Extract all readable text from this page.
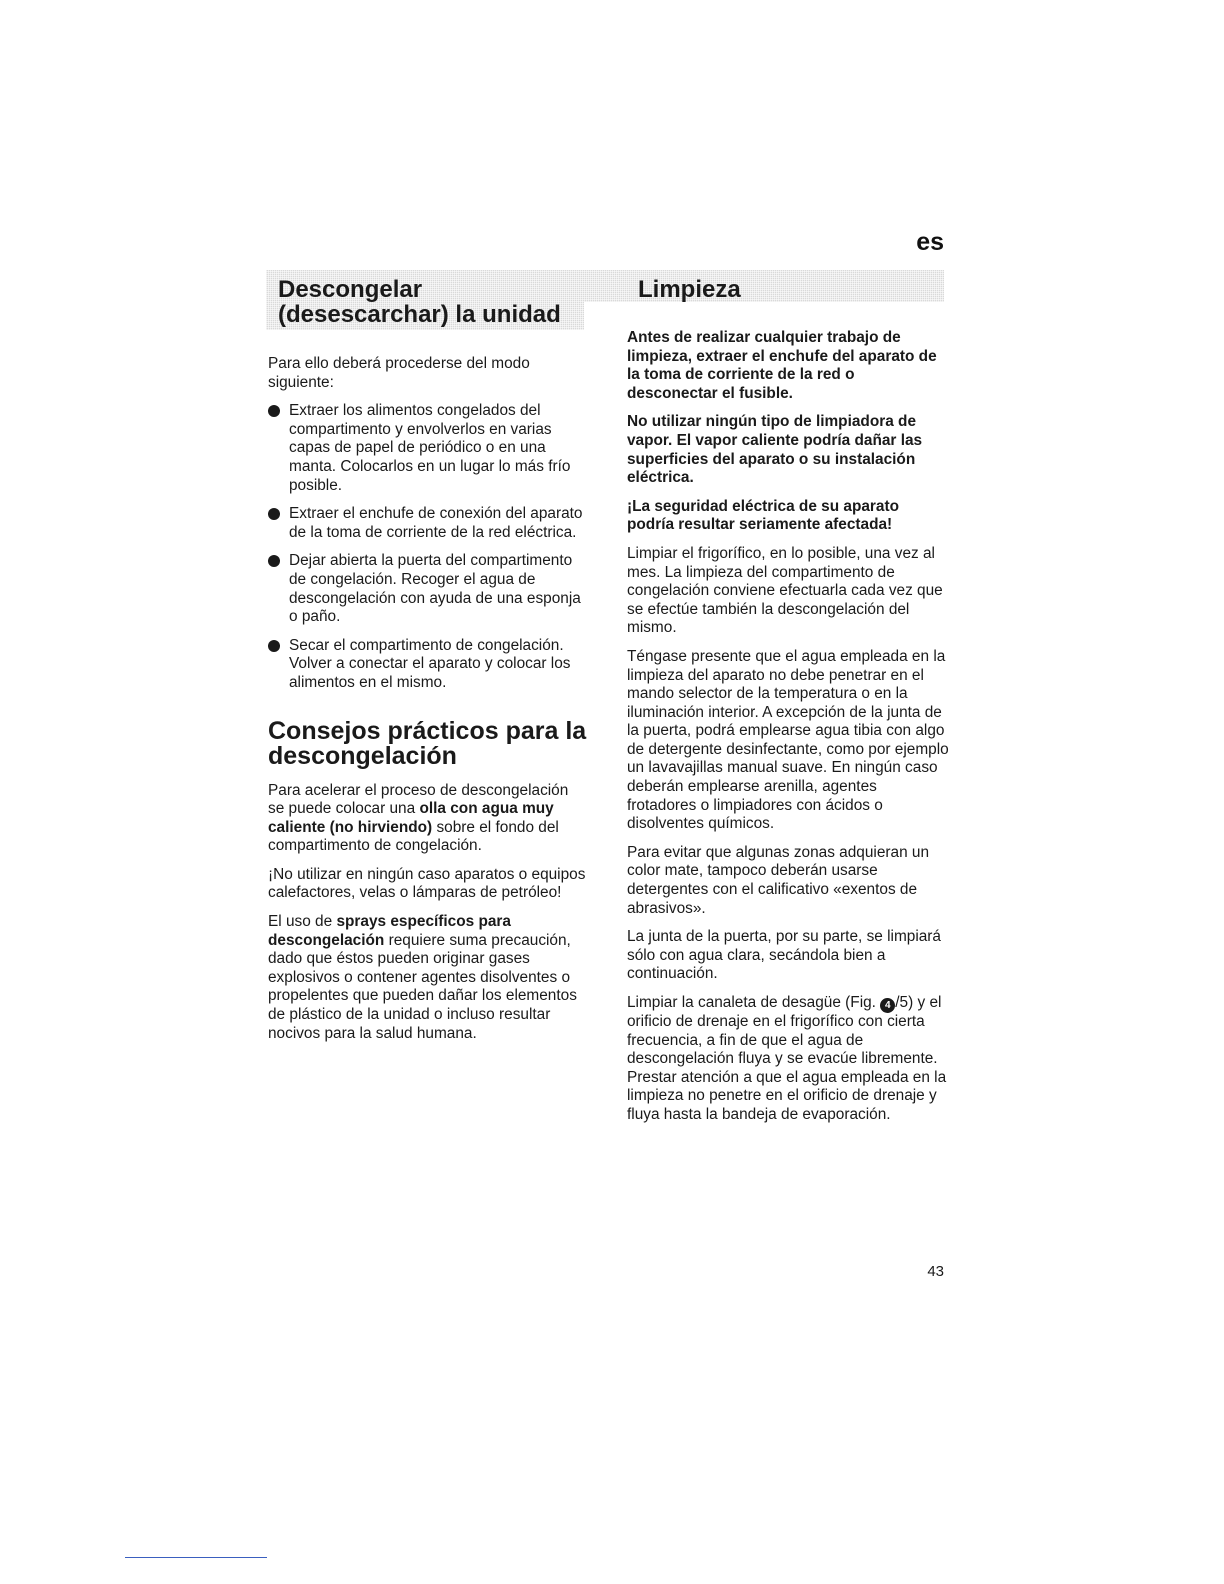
es
Descongelar
(desescarchar) la unidad
Limpieza

Para ello deberá procederse del modo siguiente:

Extraer los alimentos congelados del compartimento y envolverlos en varias capas de papel de periódico o en una manta. Colocarlos en un lugar lo más frío posible.
Extraer el enchufe de conexión del aparato de la toma de corriente de la red eléctrica.
Dejar abierta la puerta del compartimento de congelación. Recoger el agua de descongelación con ayuda de una esponja o paño.
Secar el compartimento de congelación. Volver a conectar el aparato y colocar los alimentos en el mismo.
Consejos prácticos para la descongelación

Para acelerar el proceso de descongelación se puede colocar una olla con agua muy caliente (no hirviendo) sobre el fondo del compartimento de congelación.

¡No utilizar en ningún caso aparatos o equipos calefactores, velas o lámparas de petróleo!

El uso de sprays específicos para descongelación requiere suma precaución, dado que éstos pueden originar gases explosivos o contener agentes disolventes o propelentes que pueden dañar los elementos de plástico de la unidad o incluso resultar nocivos para la salud humana.

Antes de realizar cualquier trabajo de limpieza, extraer el enchufe del aparato de la toma de corriente de la red o desconectar el fusible.

No utilizar ningún tipo de limpiadora de vapor. El vapor caliente podría dañar las superficies del aparato o su instalación eléctrica.

¡La seguridad eléctrica de su aparato podría resultar seriamente afectada!

Limpiar el frigorífico, en lo posible, una vez al mes. La limpieza del compartimento de congelación conviene efectuarla cada vez que se efectúe también la descongelación del mismo.

Téngase presente que el agua empleada en la limpieza del aparato no debe penetrar en el mando selector de la temperatura o en la iluminación interior. A excepción de la junta de la puerta, podrá emplearse agua tibia con algo de detergente desinfectante, como por ejemplo un lavavajillas manual suave. En ningún caso deberán emplearse arenilla, agentes frotadores o limpiadores con ácidos o disolventes químicos.

Para evitar que algunas zonas adquieran un color mate, tampoco deberán usarse detergentes con el calificativo «exentos de abrasivos».

La junta de la puerta, por su parte, se limpiará sólo con agua clara, secándola bien a continuación.

Limpiar la canaleta de desagüe (Fig. 4 /5) y el orificio de drenaje en el frigorífico con cierta frecuencia, a fin de que el agua de descongelación fluya y se evacúe libremente.
Prestar atención a que el agua empleada en la limpieza no penetre en el orificio de drenaje y fluya hasta la bandeja de evaporación.

43
